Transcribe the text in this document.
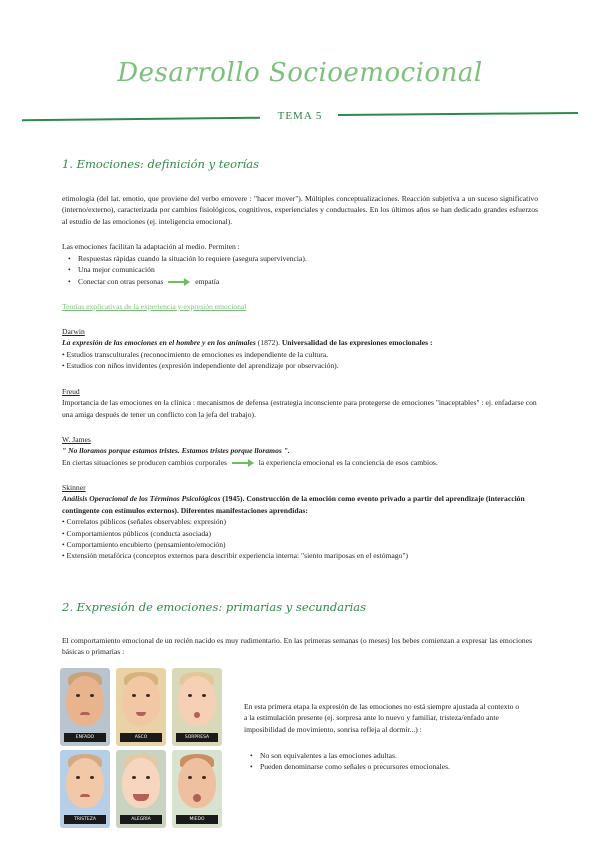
Desarrollo Socioemocional
TEMA 5
1. Emociones: definición y teorías
etimología (del lat. emotio, que proviene del verbo emovere : "hacer mover"). Múltiples conceptualizaciones. Reacción subjetiva a un suceso significativo (interno/externo), caracterizada por cambios fisiológicos, cognitivos, experienciales y conductuales. En los últimos años se han dedicado grandes esfuerzos al estudio de las emociones (ej. inteligencia emocional).
Las emociones facilitan la adaptación al medio. Permiten :
• Respuestas rápidas cuando la situación lo requiere (asegura supervivencia).
• Una mejor comunicación
• Conectar con otras personas	empatía
Teorías explicativas de la experiencia y expresión emocional
Darwin
La expresión de las emociones en el hombre y en los animales (1872). Universalidad de las expresiones emocionales :
• Estudios transculturales (reconocimiento de emociones es independiente de la cultura.
• Estudios con niños invidentes (expresión independiente del aprendizaje por observación).
Freud
Importancia de las emociones en la clínica : mecanismos de defensa (estrategia inconsciente para protegerse de emociones "inaceptables" : ej. enfadarse con una amiga después de tener un conflicto con la jefa del trabajo).
W. James
" No lloramos porque estamos tristes. Estamos tristes porque lloramos ".
En ciertas situaciones se producen cambios corporales	la experiencia emocional es la conciencia de esos cambios.
Skinner
Análisis Operacional de los Términos Psicológicos (1945). Construcción de la emoción como evento privado a partir del aprendizaje (interacción contingente con estímulos externos). Diferentes manifestaciones aprendidas:
• Correlatos públicos (señales observables: expresión)
• Comportamientos públicos (conducta asociada)
• Comportamiento encubierto (pensamiento/emoción)
• Extensión metafórica (conceptos externos para describir experiencia interna: "siento mariposas en el estómago")
2. Expresión de emociones: primarias y secundarias
El comportamiento emocional de un recién nacido es muy rudimentario. En las primeras semanas (o meses) los bebes comienzan a expresar las emociones básicas o primarias :
ENFADO	ASCO	SORPRESA
TRISTEZA	ALEGRÍA	MIEDO
En esta primera etapa la expresión de las emociones no está siempre ajustada al contexto o a la estimulación presente (ej. sorpresa ante lo nuevo y familiar, tristeza/enfado ante imposibilidad de movimiento, sonrisa refleja al dormir...) :
• No son equivalentes a las emociones adultas.
• Pueden denominarse como señales o precursores emocionales.
